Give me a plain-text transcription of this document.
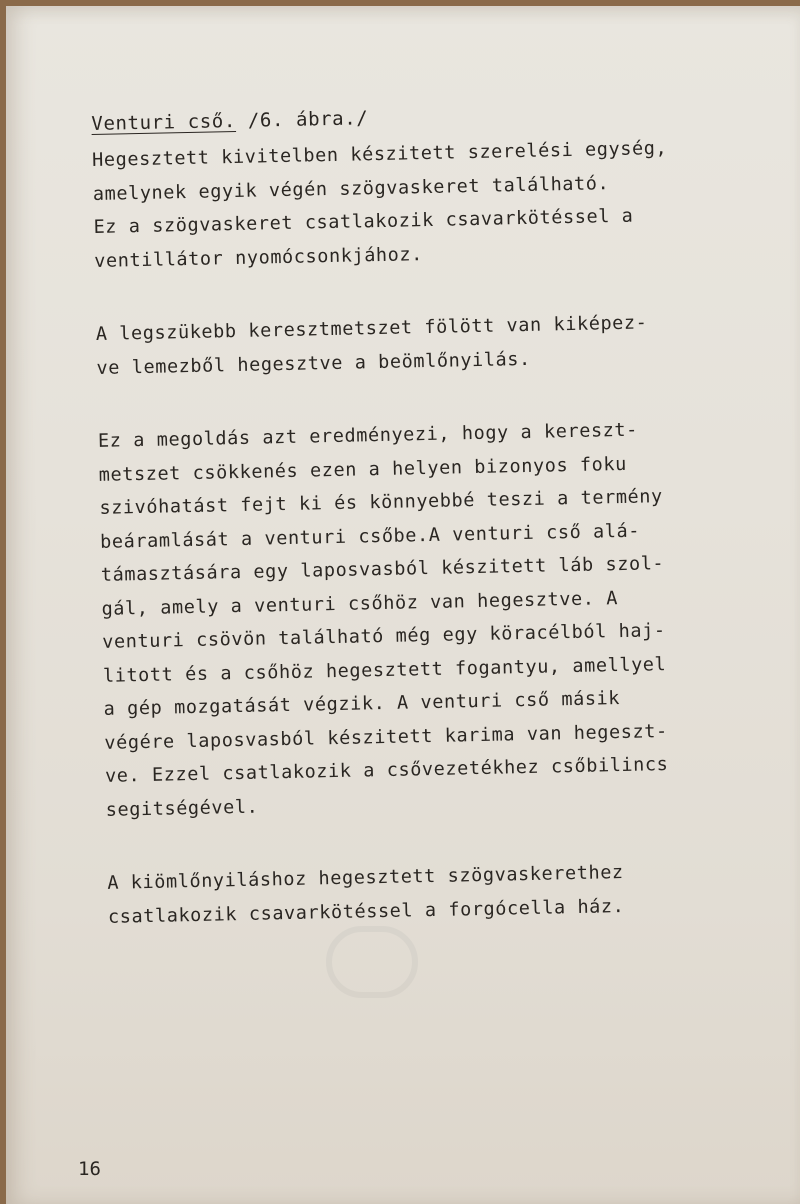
Venturi cső. /6. ábra./
Hegesztett kivitelben készitett szerelési egység,
amelynek egyik végén szögvaskeret található.
Ez a szögvaskeret csatlakozik csavarkötéssel a
ventillátor nyomócsonkjához.
A legszükebb keresztmetszet fölött van kiképez-
ve lemezből hegesztve a beömlőnyilás.
Ez a megoldás azt eredményezi, hogy a kereszt-
metszet csökkenés ezen a helyen bizonyos foku
szivóhatást fejt ki és könnyebbé teszi a termény
beáramlását a venturi csőbe.A venturi cső alá-
támasztására egy laposvasból készitett láb szol-
gál, amely a venturi csőhöz van hegesztve. A
venturi csövön található még egy köracélból haj-
litott és a csőhöz hegesztett fogantyu, amellyel
a gép mozgatását végzik. A venturi cső másik
végére laposvasból készitett karima van hegeszt-
ve. Ezzel csatlakozik a csővezetékhez csőbilincs
segitségével.
A kiömlőnyiláshoz hegesztett szögvaskerethez
csatlakozik csavarkötéssel a forgócella ház.
16
